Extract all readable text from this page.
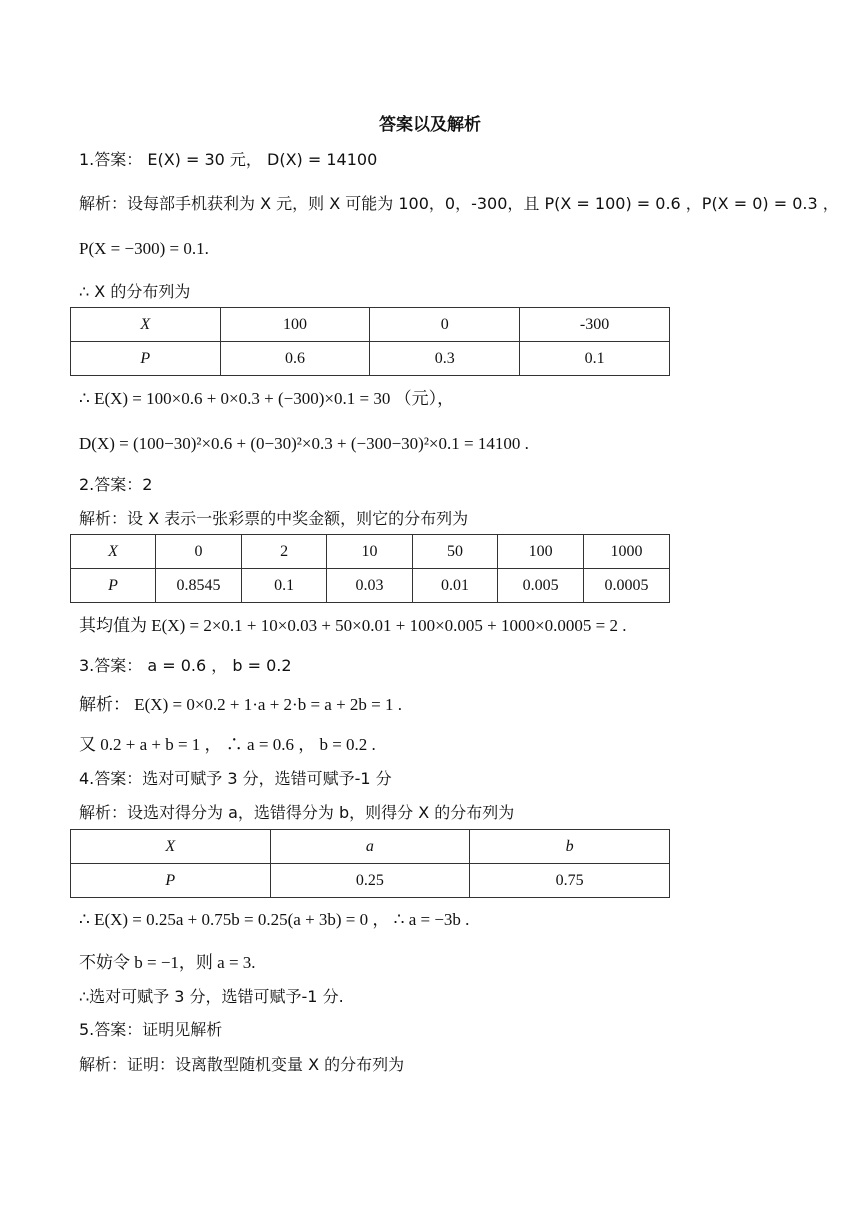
答案以及解析
1.答案： E(X) = 30 元， D(X) = 14100
解析：设每部手机获利为 X 元，则 X 可能为 100，0，-300，且 P(X = 100) = 0.6 ，P(X = 0) = 0.3 ，
P(X = −300) = 0.1.
∴ X 的分布列为
X	100	0	-300
P	0.6	0.3	0.1
∴ E(X) = 100×0.6 + 0×0.3 + (−300)×0.1 = 30 （元），
D(X) = (100−30)²×0.6 + (0−30)²×0.3 + (−300−30)²×0.1 = 14100 .
2.答案：2
解析：设 X 表示一张彩票的中奖金额，则它的分布列为
X	0	2	10	50	100	1000
P	0.8545	0.1	0.03	0.01	0.005	0.0005
其均值为 E(X) = 2×0.1 + 10×0.03 + 50×0.01 + 100×0.005 + 1000×0.0005 = 2 .
3.答案： a = 0.6 ， b = 0.2
解析： E(X) = 0×0.2 + 1·a + 2·b = a + 2b = 1 .
又 0.2 + a + b = 1 ， ∴ a = 0.6 ， b = 0.2 .
4.答案：选对可赋予 3 分，选错可赋予-1 分
解析：设选对得分为 a，选错得分为 b，则得分 X 的分布列为
X	a	b
P	0.25	0.75
∴ E(X) = 0.25a + 0.75b = 0.25(a + 3b) = 0 ， ∴ a = −3b .
不妨令 b = −1，则 a = 3.
∴选对可赋予 3 分，选错可赋予-1 分.
5.答案：证明见解析
解析：证明：设离散型随机变量 X 的分布列为
